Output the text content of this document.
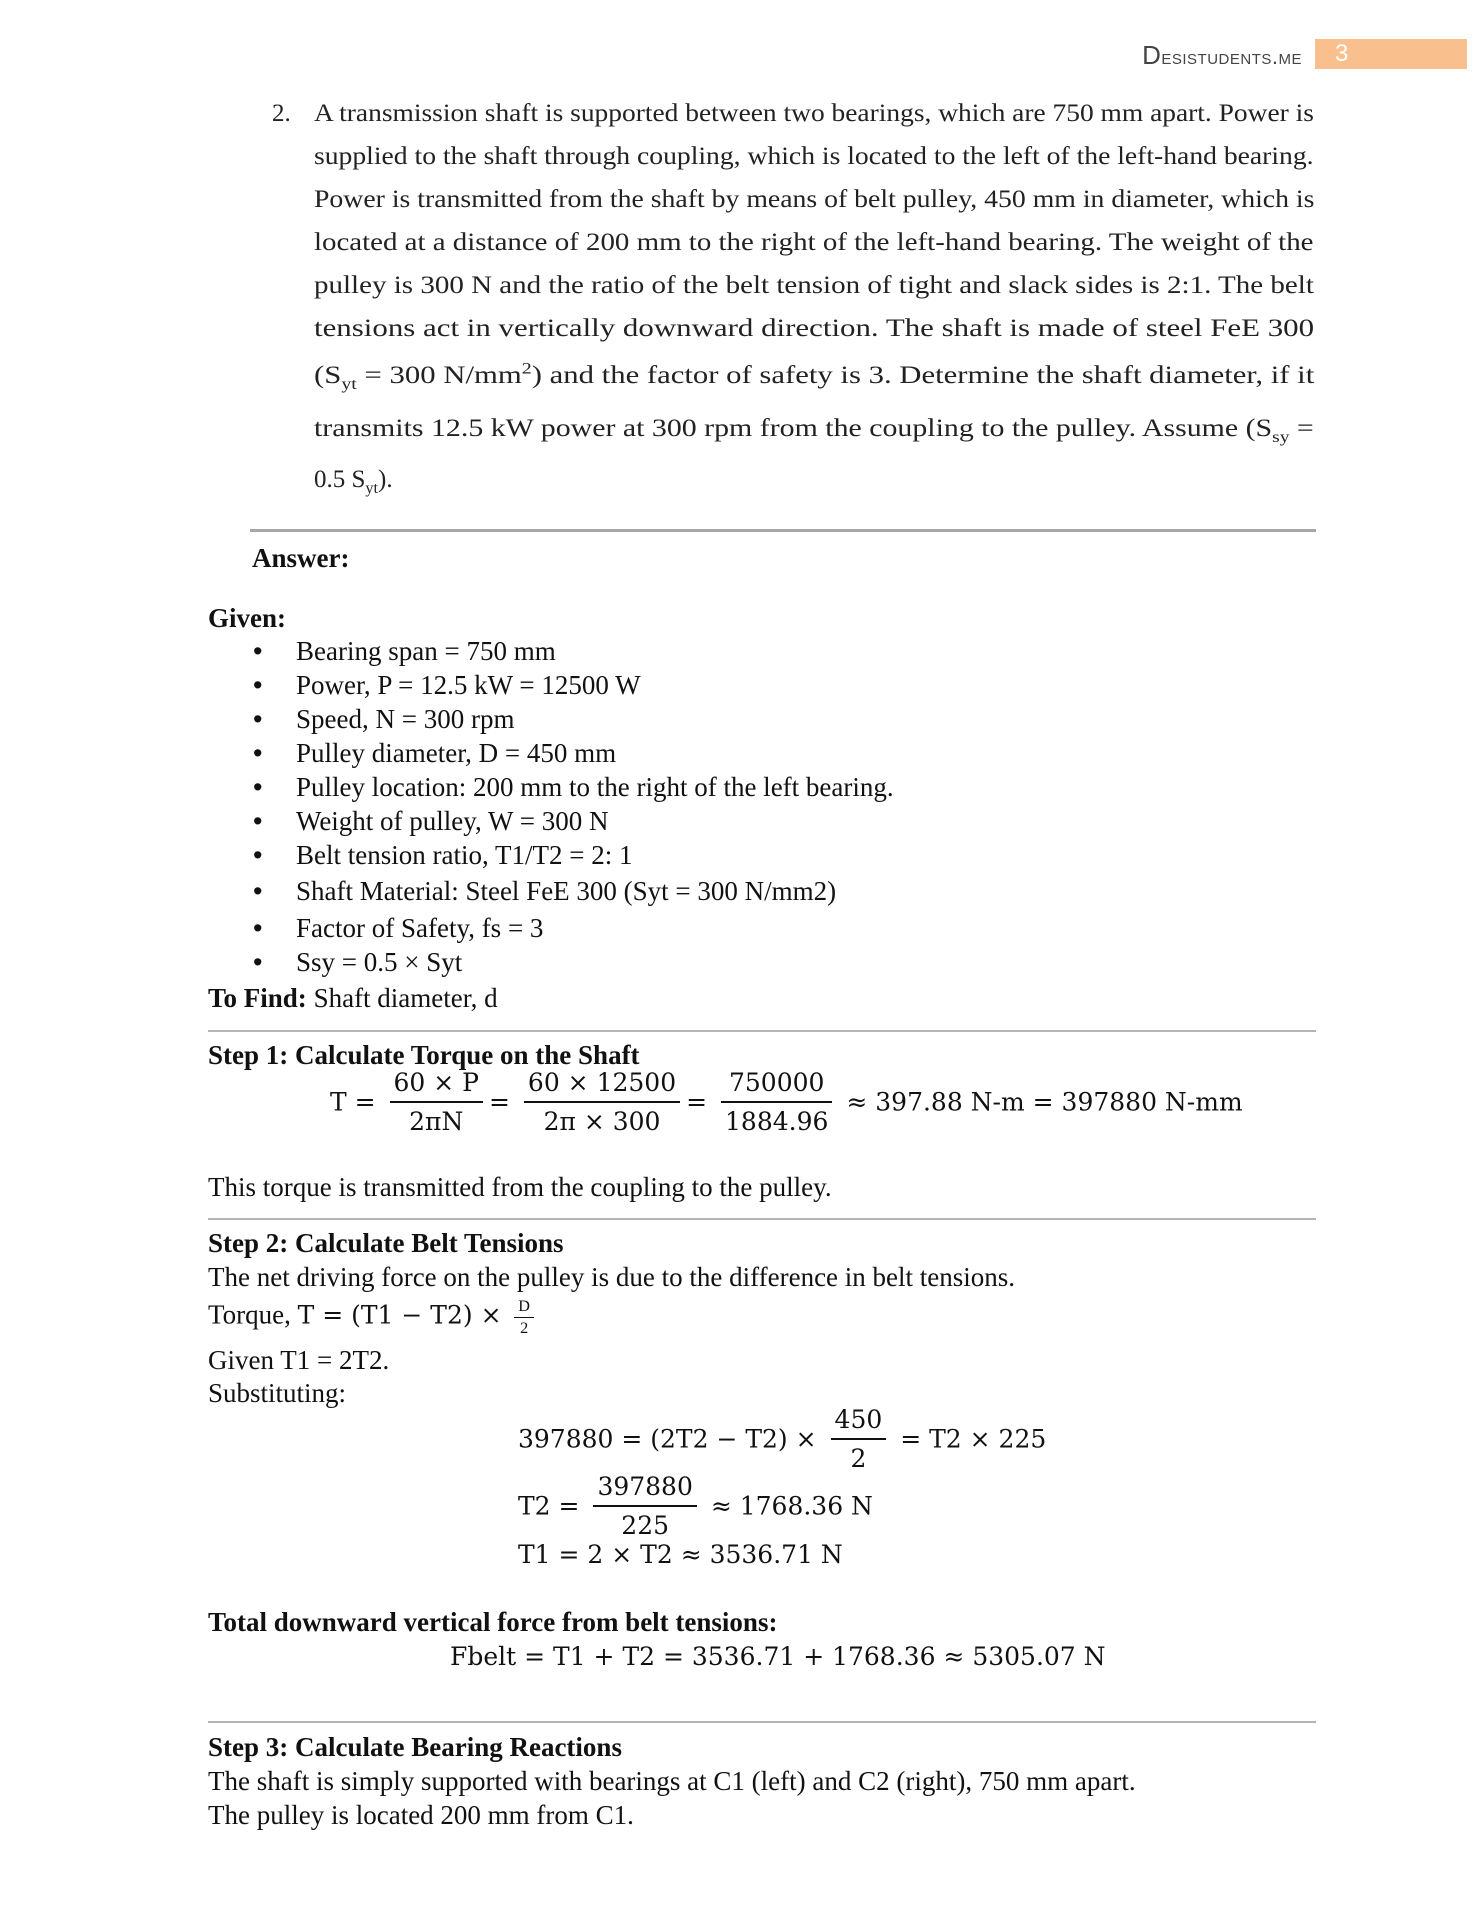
Desistudents.me 3
2. A transmission shaft is supported between two bearings, which are 750 mm apart. Power is
supplied to the shaft through coupling, which is located to the left of the left-hand bearing.
Power is transmitted from the shaft by means of belt pulley, 450 mm in diameter, which is
located at a distance of 200 mm to the right of the left-hand bearing. The weight of the
pulley is 300 N and the ratio of the belt tension of tight and slack sides is 2:1. The belt
tensions act in vertically downward direction. The shaft is made of steel FeE 300
($S_{yt} = 300$ $N/mm^2$) and the factor of safety is 3. Determine the shaft diameter, if it
transmits 12.5 kW power at 300 rpm from the coupling to the pulley. Assume ($S_{sy}$ =
0.5 $S_{yt}$).
Answer:
Given:
• Bearing span = 750 mm
• Power, P = 12.5 kW = 12500 W
• Speed, N = 300 rpm
• Pulley diameter, D = 450 mm
• Pulley location: 200 mm to the right of the left bearing.
• Weight of pulley, W = 300 N
• Belt tension ratio, T1/T2 = 2: 1
• Shaft Material: Steel FeE 300 (Syt = 300 N/mm2)
• Factor of Safety, fs = 3
• Ssy = 0.5 × Syt
To Find: Shaft diameter, d
Step 1: Calculate Torque on the Shaft
$T = \frac{60 \times P}{2\pi N} = \frac{60 \times 12500}{2\pi \times 300} = \frac{750000}{1884.96} \approx 397.88$ N-m = 397880 N-mm
This torque is transmitted from the coupling to the pulley.
Step 2: Calculate Belt Tensions
The net driving force on the pulley is due to the difference in belt tensions.
Torque, $T = (T1 - T2) \times \frac{D}{2}$
Given T1 = 2T2.
Substituting:
$397880 = (2T2 - T2) \times \frac{450}{2} = T2 \times 225$
$T2 = \frac{397880}{225} \approx 1768.36$ N
T1 = 2 × T2 ≈ 3536.71 N
Total downward vertical force from belt tensions:
Fbelt = T1 + T2 = 3536.71 + 1768.36 ≈ 5305.07 N
Step 3: Calculate Bearing Reactions
The shaft is simply supported with bearings at C1 (left) and C2 (right), 750 mm apart.
The pulley is located 200 mm from C1.
